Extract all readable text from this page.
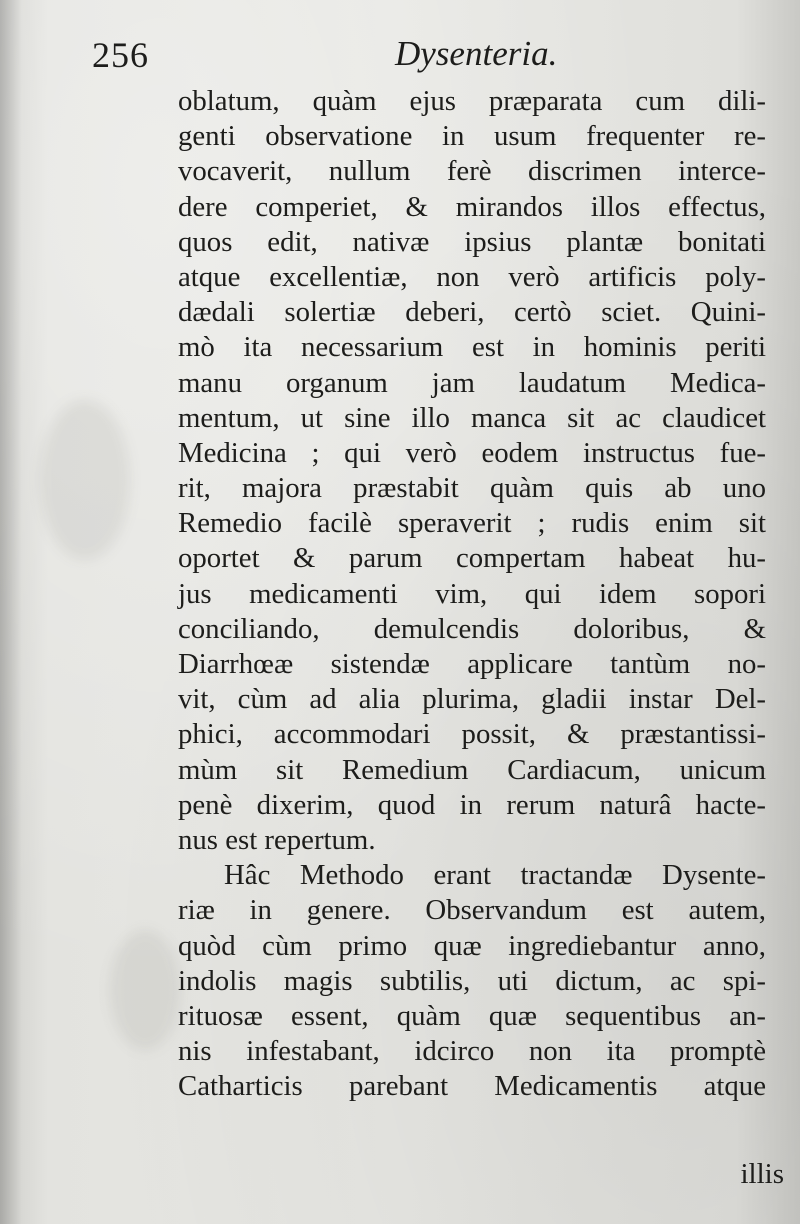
256	Dysenteria.
oblatum, quàm ejus præparata cum dili-
genti observatione in usum frequenter re-
vocaverit, nullum ferè discrimen interce-
dere comperiet, & mirandos illos effectus,
quos edit, nativæ ipsius plantæ bonitati
atque excellentiæ, non verò artificis poly-
dædali solertiæ deberi, certò sciet. Quini-
mò ita necessarium est in hominis periti
manu organum jam laudatum Medica-
mentum, ut sine illo manca sit ac claudicet
Medicina ; qui verò eodem instructus fue-
rit, majora præstabit quàm quis ab uno
Remedio facilè speraverit ; rudis enim sit
oportet & parum compertam habeat hu-
jus medicamenti vim, qui idem sopori
conciliando, demulcendis doloribus, &
Diarrhœæ sistendæ applicare tantùm no-
vit, cùm ad alia plurima, gladii instar Del-
phici, accommodari possit, & præstantissi-
mùm sit Remedium Cardiacum, unicum
penè dixerim, quod in rerum naturâ hacte-
nus est repertum.
Hâc Methodo erant tractandæ Dysente-
riæ in genere. Observandum est autem,
quòd cùm primo quæ ingrediebantur anno,
indolis magis subtilis, uti dictum, ac spi-
rituosæ essent, quàm quæ sequentibus an-
nis infestabant, idcirco non ita promptè
Catharticis parebant Medicamentis atque
illis
